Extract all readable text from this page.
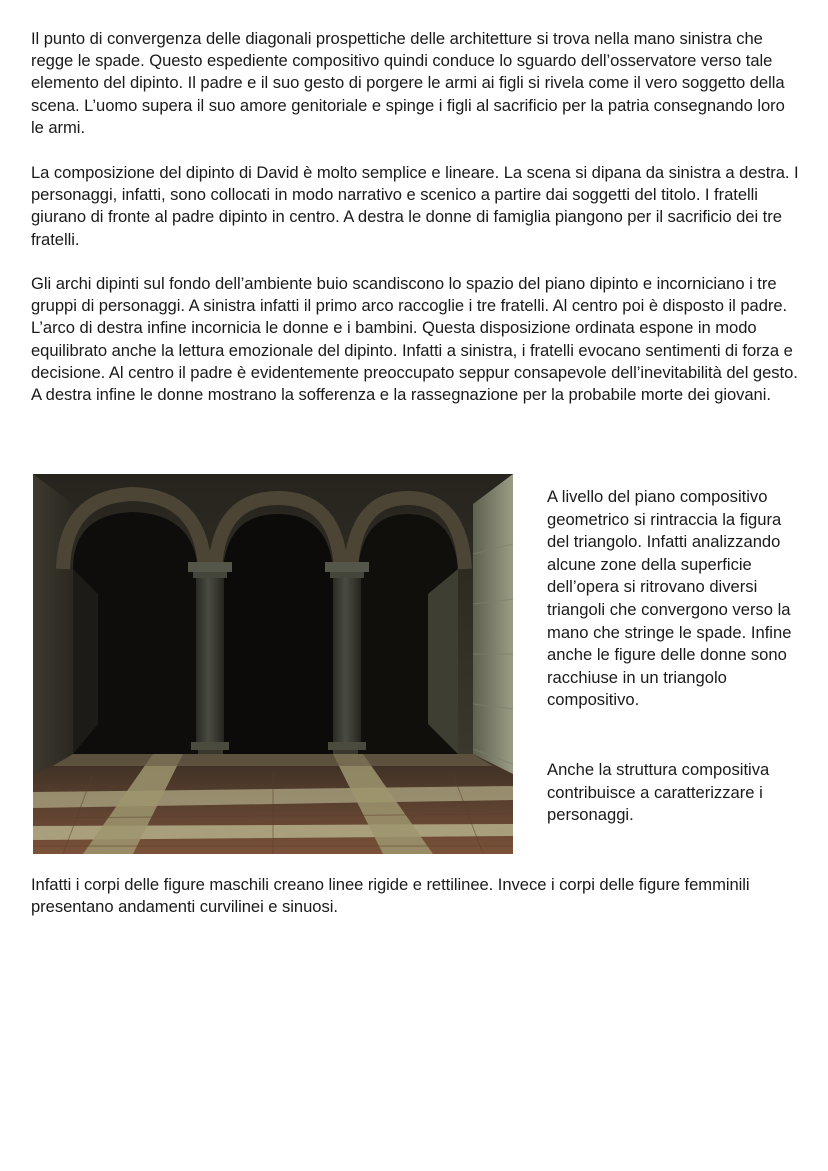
Il punto di convergenza delle diagonali prospettiche delle architetture si trova nella mano sinistra che regge le spade. Questo espediente compositivo quindi conduce lo sguardo dell’osservatore verso tale elemento del dipinto. Il padre e il suo gesto di porgere le armi ai figli si rivela come il vero soggetto della scena. L’uomo supera il suo amore genitoriale e spinge i figli al sacrificio per la patria consegnando loro le armi.

La composizione del dipinto di David è molto semplice e lineare. La scena si dipana da sinistra a destra. I personaggi, infatti, sono collocati in modo narrativo e scenico a partire dai soggetti del titolo. I fratelli giurano di fronte al padre dipinto in centro. A destra le donne di famiglia piangono per il sacrificio dei tre fratelli.

Gli archi dipinti sul fondo dell’ambiente buio scandiscono lo spazio del piano dipinto e incorniciano i tre gruppi di personaggi. A sinistra infatti il primo arco raccoglie i tre fratelli. Al centro poi è disposto il padre. L’arco di destra infine incornicia le donne e i bambini. Questa disposizione ordinata espone in modo equilibrato anche la lettura emozionale del dipinto. Infatti a sinistra, i fratelli evocano sentimenti di forza e decisione. Al centro il padre è evidentemente preoccupato seppur consapevole dell’inevitabilità del gesto. A destra infine le donne mostrano la sofferenza e la rassegnazione per la probabile morte dei giovani.

A livello del piano compositivo geometrico si rintraccia la figura del triangolo. Infatti analizzando alcune zone della superficie dell’opera si ritrovano diversi triangoli che convergono verso la mano che stringe le spade. Infine anche le figure delle donne sono racchiuse in un triangolo compositivo.

Anche la struttura compositiva contribuisce a caratterizzare i personaggi.

Infatti i corpi delle figure maschili creano linee rigide e rettilinee. Invece i corpi delle figure femminili presentano andamenti curvilinei e sinuosi.
